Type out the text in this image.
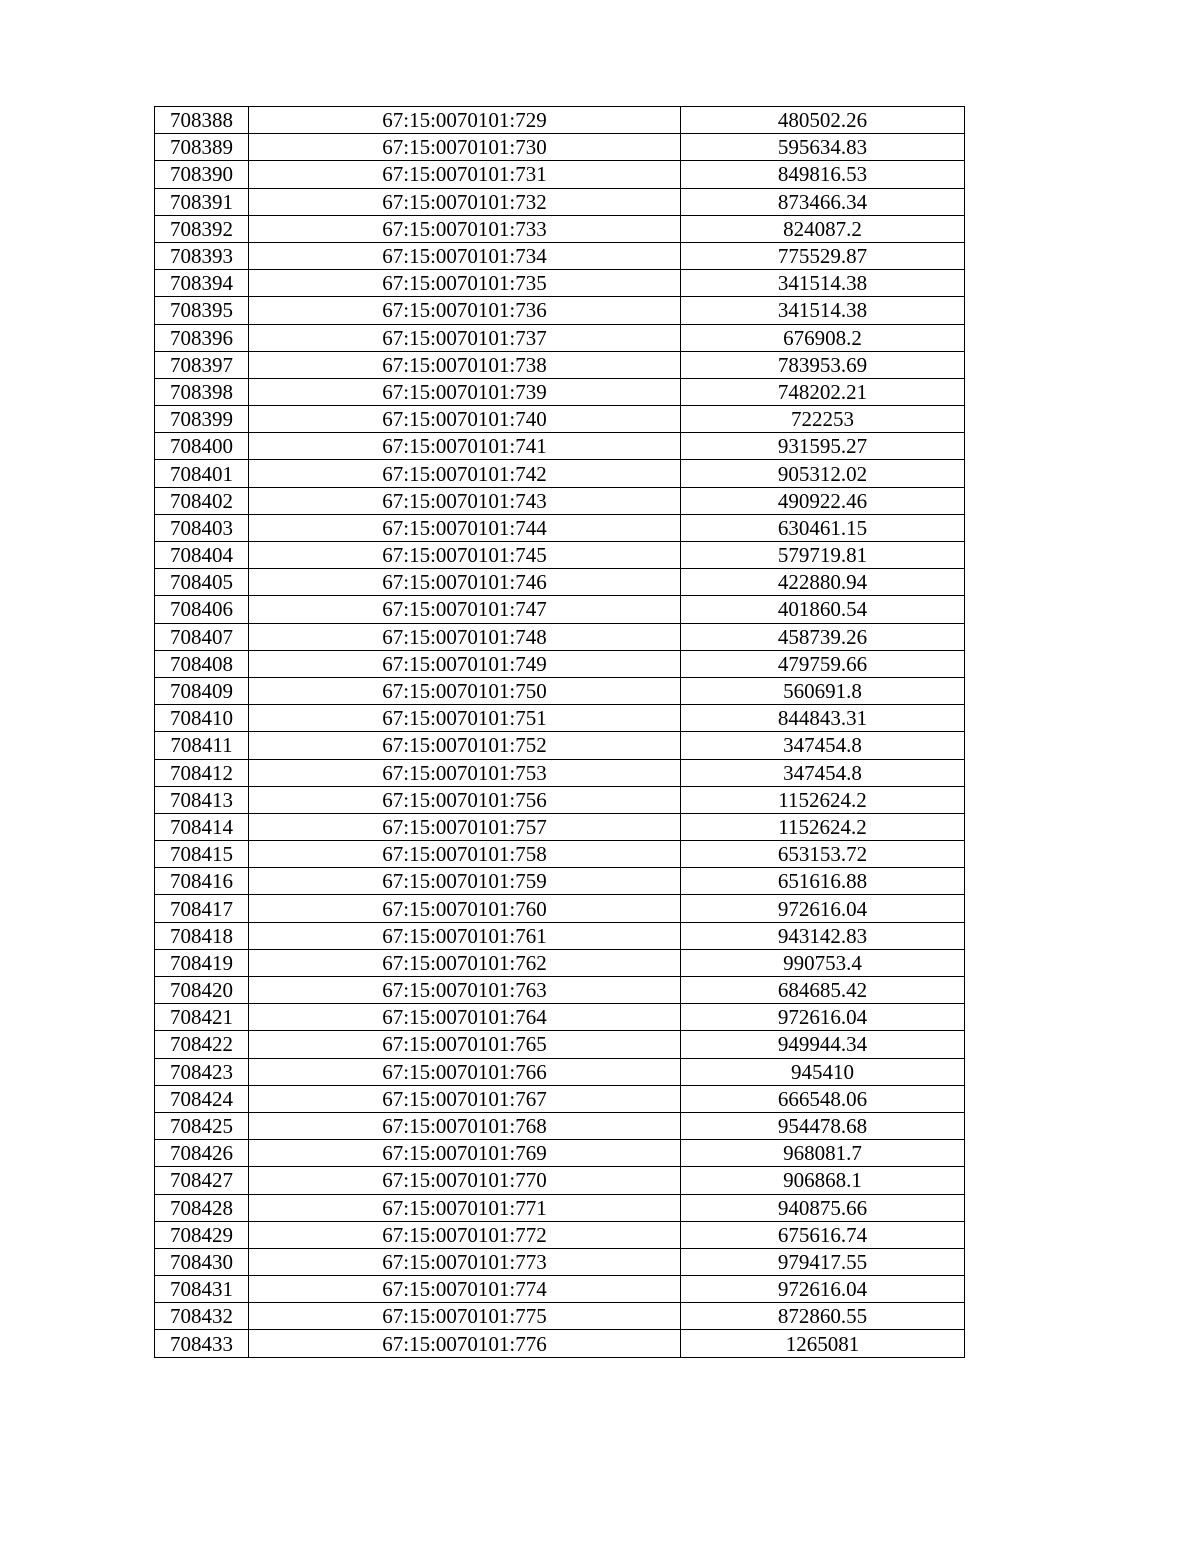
708388	67:15:0070101:729	480502.26
708389	67:15:0070101:730	595634.83
708390	67:15:0070101:731	849816.53
708391	67:15:0070101:732	873466.34
708392	67:15:0070101:733	824087.2
708393	67:15:0070101:734	775529.87
708394	67:15:0070101:735	341514.38
708395	67:15:0070101:736	341514.38
708396	67:15:0070101:737	676908.2
708397	67:15:0070101:738	783953.69
708398	67:15:0070101:739	748202.21
708399	67:15:0070101:740	722253
708400	67:15:0070101:741	931595.27
708401	67:15:0070101:742	905312.02
708402	67:15:0070101:743	490922.46
708403	67:15:0070101:744	630461.15
708404	67:15:0070101:745	579719.81
708405	67:15:0070101:746	422880.94
708406	67:15:0070101:747	401860.54
708407	67:15:0070101:748	458739.26
708408	67:15:0070101:749	479759.66
708409	67:15:0070101:750	560691.8
708410	67:15:0070101:751	844843.31
708411	67:15:0070101:752	347454.8
708412	67:15:0070101:753	347454.8
708413	67:15:0070101:756	1152624.2
708414	67:15:0070101:757	1152624.2
708415	67:15:0070101:758	653153.72
708416	67:15:0070101:759	651616.88
708417	67:15:0070101:760	972616.04
708418	67:15:0070101:761	943142.83
708419	67:15:0070101:762	990753.4
708420	67:15:0070101:763	684685.42
708421	67:15:0070101:764	972616.04
708422	67:15:0070101:765	949944.34
708423	67:15:0070101:766	945410
708424	67:15:0070101:767	666548.06
708425	67:15:0070101:768	954478.68
708426	67:15:0070101:769	968081.7
708427	67:15:0070101:770	906868.1
708428	67:15:0070101:771	940875.66
708429	67:15:0070101:772	675616.74
708430	67:15:0070101:773	979417.55
708431	67:15:0070101:774	972616.04
708432	67:15:0070101:775	872860.55
708433	67:15:0070101:776	1265081
